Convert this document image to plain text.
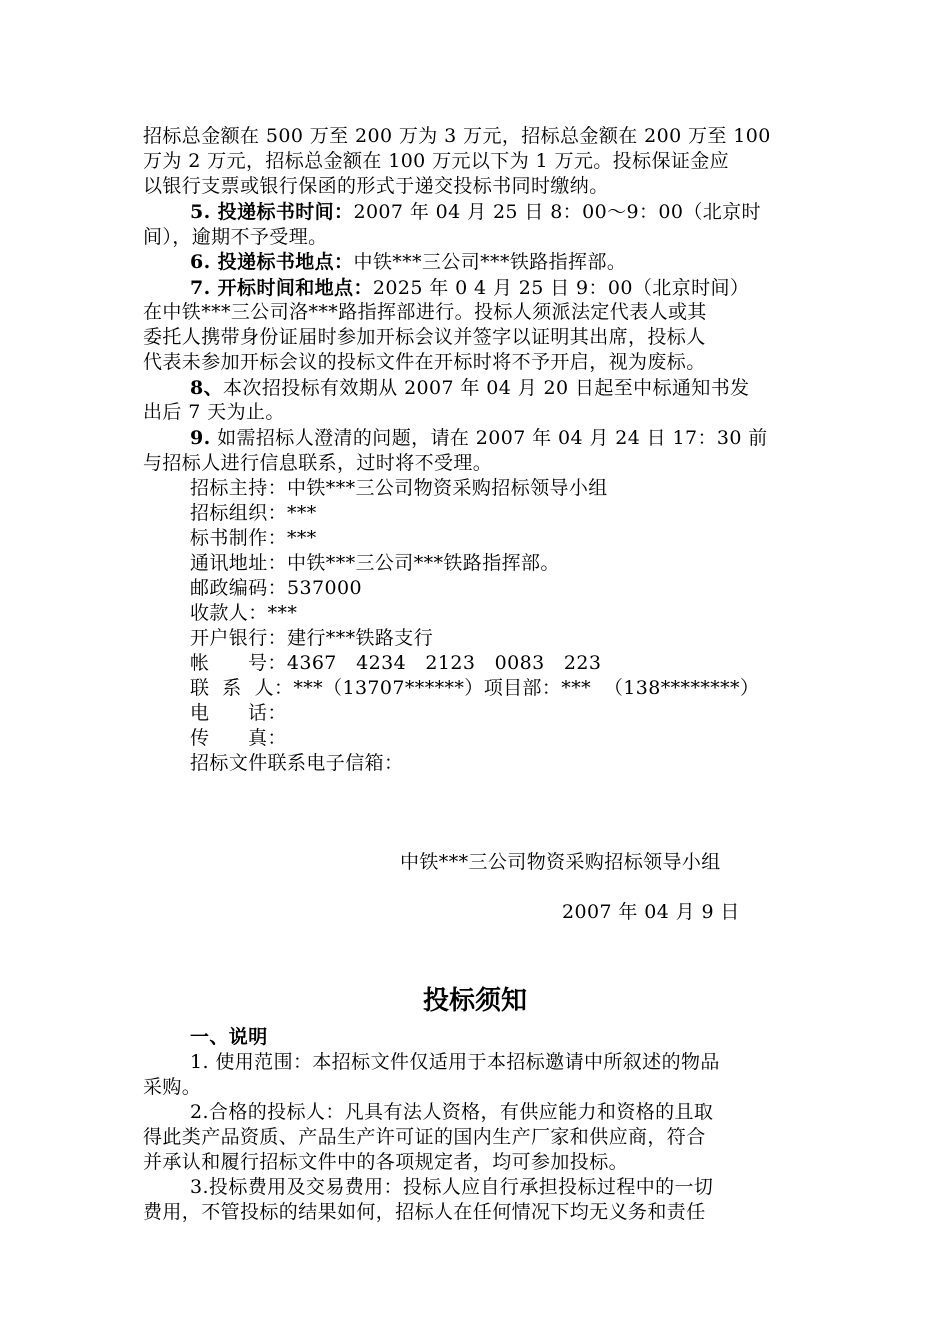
招标总金额在 500 万至 200 万为 3 万元，招标总金额在 200 万至 100
万为 2 万元，招标总金额在 100 万元以下为 1 万元。投标保证金应
以银行支票或银行保函的形式于递交投标书同时缴纳。
5. 投递标书时间：2007 年 04 月 25 日 8：00～9：00（北京时
间），逾期不予受理。
6. 投递标书地点：中铁***三公司***铁路指挥部。
7. 开标时间和地点：2025 年 0 4 月 25 日 9：00（北京时间）
在中铁***三公司洛***路指挥部进行。投标人须派法定代表人或其
委托人携带身份证届时参加开标会议并签字以证明其出席，投标人
代表未参加开标会议的投标文件在开标时将不予开启，视为废标。
8、本次招投标有效期从 2007 年 04 月 20 日起至中标通知书发
出后 7 天为止。
9. 如需招标人澄清的问题，请在 2007 年 04 月 24 日 17：30 前
与招标人进行信息联系，过时将不受理。
招标主持：中铁***三公司物资采购招标领导小组
招标组织：***
标书制作：***
通讯地址：中铁***三公司***铁路指挥部。
邮政编码：537000
收款人：***
开户银行：建行***铁路支行
帐      号：4367   4234   2123   0083   223
联  系  人：***（13707******）项目部：***  （138********）
电      话：
传      真：
招标文件联系电子信箱：
中铁***三公司物资采购招标领导小组
2007 年 04 月 9 日
投标须知
一、说明
1. 使用范围：本招标文件仅适用于本招标邀请中所叙述的物品
采购。
2.合格的投标人：凡具有法人资格，有供应能力和资格的且取
得此类产品资质、产品生产许可证的国内生产厂家和供应商，符合
并承认和履行招标文件中的各项规定者，均可参加投标。
3.投标费用及交易费用：投标人应自行承担投标过程中的一切
费用，不管投标的结果如何，招标人在任何情况下均无义务和责任
